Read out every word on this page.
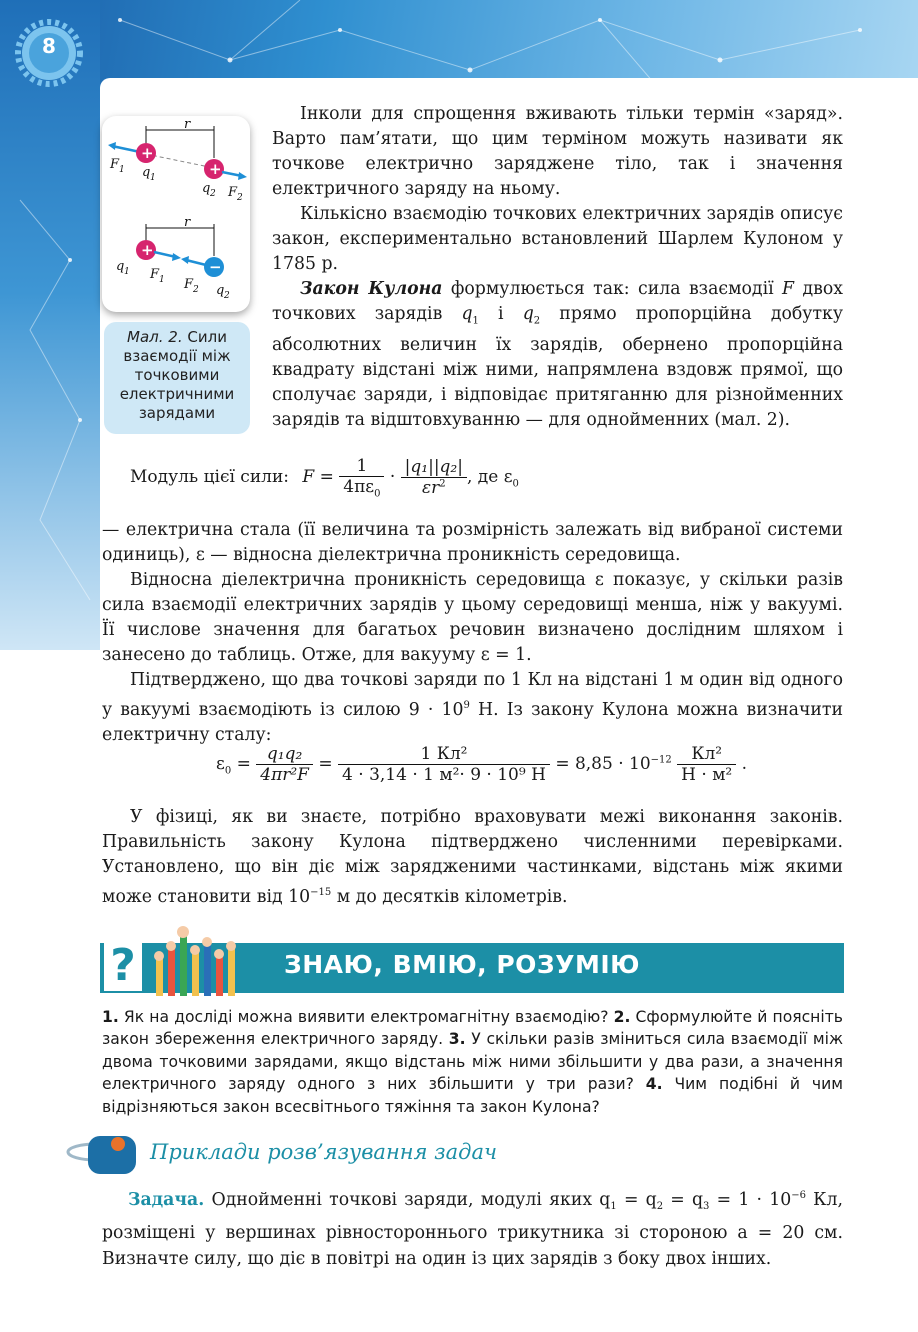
8
r
+
+
F 1 q 1
q 2 F 2
r
+
−
q 1 F 1 F 2 q 2
Мал. 2. Сили взаємодії між точковими електричними зарядами

Інколи для спрощення вживають тільки термін «заряд». Варто пам’ятати, що цим терміном можуть називати як точкове електрично заряджене тіло, так і значення електричного заряду на ньому.

Кількісно взаємодію точкових електричних зарядів описує закон, експериментально встановлений Шарлем Кулоном у 1785 р.

Закон Кулона формулюється так: сила взаємодії F двох точкових зарядів $q_1$ і $q_2$ прямо пропорційна добутку абсолютних величин їх зарядів, обернено пропорційна квадрату відстані між ними, напрямлена вздовж прямої, що сполучає заряди, і відповідає притяганню для різнойменних зарядів та відштовхуванню — для однойменних (мал. 2).

Модуль цієї сили: $F = \frac{1}{4\pi\varepsilon_0} \cdot \frac{\text{|q₁||q₂|}}{\varepsilon r^2}$ , де $\varepsilon_0$

— електрична стала (її величина та розмірність залежать від вибраної системи одиниць), ε — відносна діелектрична проникність середовища.

Відносна діелектрична проникність середовища ε показує, у скільки разів сила взаємодії електричних зарядів у цьому середовищі менша, ніж у вакуумі. Її числове значення для багатьох речовин визначено дослідним шляхом і занесено до таблиць. Отже, для вакууму ε = 1.

Підтверджено, що два точкові заряди по 1 Кл на відстані 1 м один від одного у вакуумі взаємодіють із силою $9 \cdot 10^9$ Н. Із закону Кулона можна визначити електричну сталу:

$\varepsilon_0 = \frac{\text{q₁q₂}}{\text{4πr²F}} = \frac{\text{1 Кл²}}{\text{4 · 3,14 · 1 м²· 9 · 10⁹ Н}} = 8,85 \cdot 10^{-12} \frac{\text{Кл²}}{\text{Н · м²}}$ .

У фізиці, як ви знаєте, потрібно враховувати межі виконання законів. Правильність закону Кулона підтверджено численними перевірками. Установлено, що він діє між зарядженими частинками, відстань між якими може становити від $10^{-15}$ м до десятків кілометрів.

?	ЗНАЮ, ВМІЮ, РОЗУМІЮ
1. Як на досліді можна виявити електромагнітну взаємодію? 2. Сформулюйте й поясніть закон збереження електричного заряду. 3. У скільки разів зміниться сила взаємодії між двома точковими зарядами, якщо відстань між ними збільшити у два рази, а значення електричного заряду одного з них збільшити у три рази? 4. Чим подібні й чим відрізняються закон всесвітнього тяжіння та закон Кулона?
Приклади розв’язування задач
Задача. Однойменні точкові заряди, модулі яких $q_1 = q_2 = q_3 = 1 \cdot 10^{-6}$ Кл, розміщені у вершинах рівностороннього трикутника зі стороною a = 20 см. Визначте силу, що діє в повітрі на один із цих зарядів з боку двох інших.
